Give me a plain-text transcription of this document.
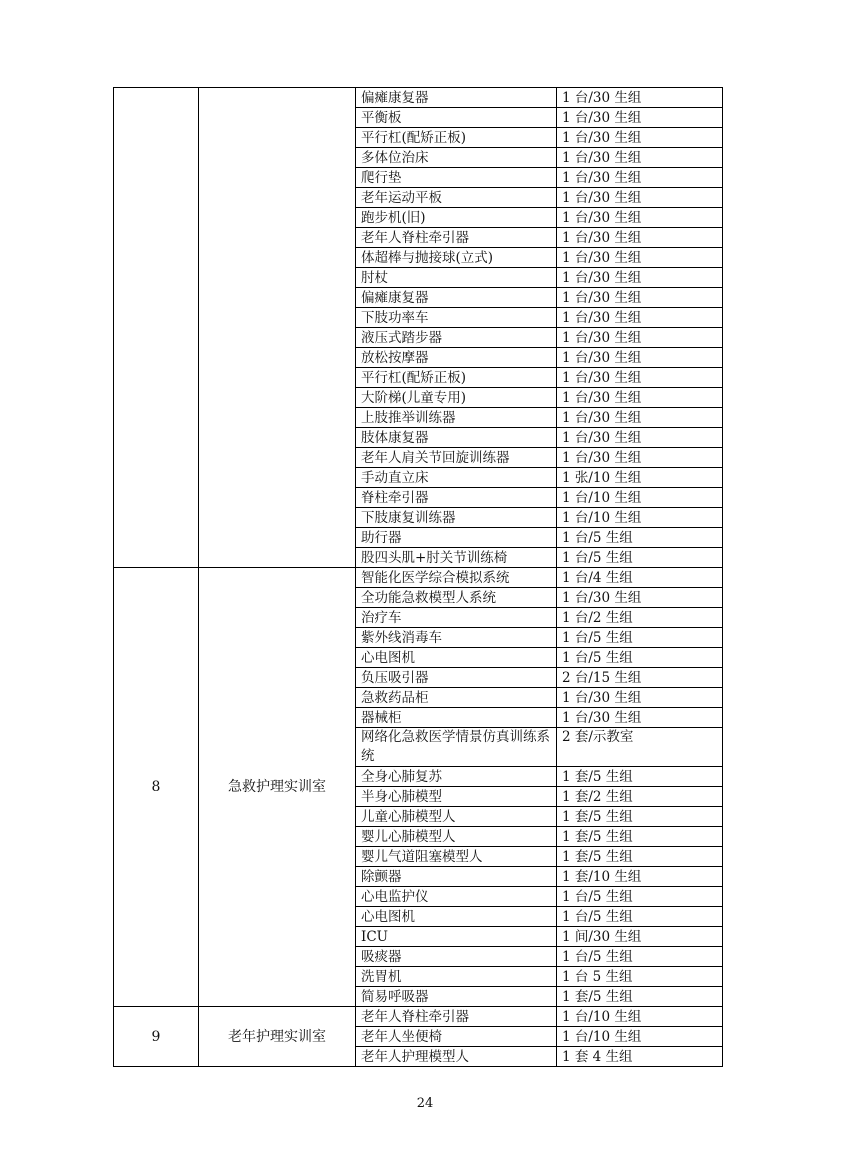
		偏瘫康复器	1 台/30 生组
		平衡板	1 台/30 生组
		平行杠(配矫正板)	1 台/30 生组
		多体位治床	1 台/30 生组
		爬行垫	1 台/30 生组
		老年运动平板	1 台/30 生组
		跑步机(旧)	1 台/30 生组
		老年人脊柱牵引器	1 台/30 生组
		体超棒与抛接球(立式)	1 台/30 生组
		肘杖	1 台/30 生组
		偏瘫康复器	1 台/30 生组
		下肢功率车	1 台/30 生组
		液压式踏步器	1 台/30 生组
		放松按摩器	1 台/30 生组
		平行杠(配矫正板)	1 台/30 生组
		大阶梯(儿童专用)	1 台/30 生组
		上肢推举训练器	1 台/30 生组
		肢体康复器	1 台/30 生组
		老年人肩关节回旋训练器	1 台/30 生组
		手动直立床	1 张/10 生组
		脊柱牵引器	1 台/10 生组
		下肢康复训练器	1 台/10 生组
		助行器	1 台/5 生组
		股四头肌+肘关节训练椅	1 台/5 生组
8	急救护理实训室	智能化医学综合模拟系统	1 台/4 生组
		全功能急救模型人系统	1 台/30 生组
		治疗车	1 台/2 生组
		紫外线消毒车	1 台/5 生组
		心电图机	1 台/5 生组
		负压吸引器	2 台/15 生组
		急救药品柜	1 台/30 生组
		器械柜	1 台/30 生组
		网络化急救医学情景仿真训练系统	2 套/示教室
		全身心肺复苏	1 套/5 生组
		半身心肺模型	1 套/2 生组
		儿童心肺模型人	1 套/5 生组
		婴儿心肺模型人	1 套/5 生组
		婴儿气道阻塞模型人	1 套/5 生组
		除颤器	1 套/10 生组
		心电监护仪	1 台/5 生组
		心电图机	1 台/5 生组
		ICU	1 间/30 生组
		吸痰器	1 台/5 生组
		洗胃机	1 台 5 生组
		简易呼吸器	1 套/5 生组
9	老年护理实训室	老年人脊柱牵引器	1 台/10 生组
		老年人坐便椅	1 台/10 生组
		老年人护理模型人	1 套 4 生组
24
